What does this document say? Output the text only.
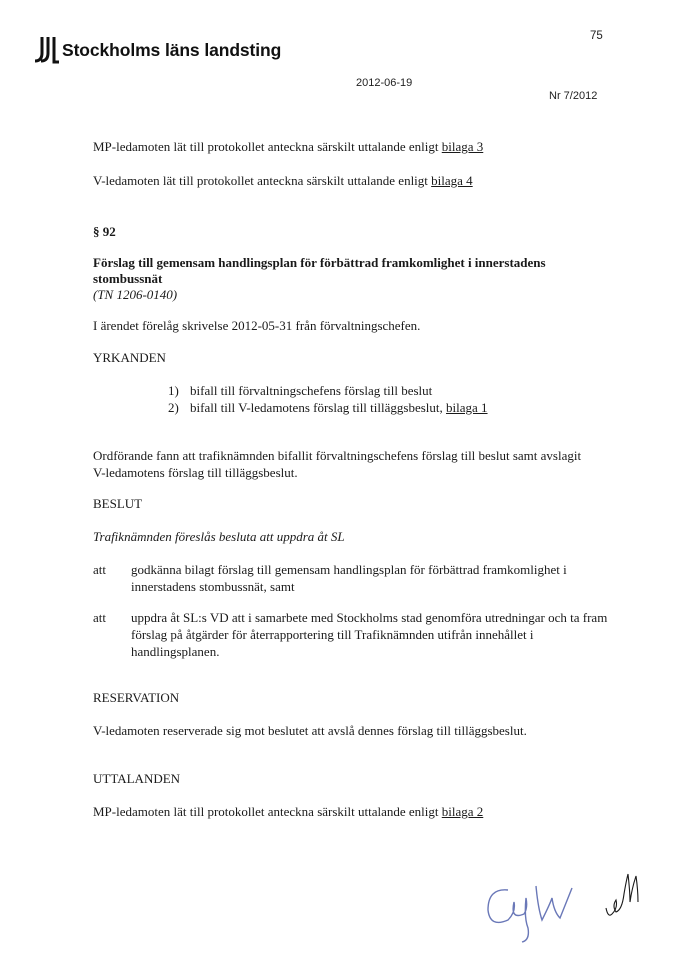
Stockholms läns landsting
75
2012-06-19
Nr 7/2012
MP-ledamoten lät till protokollet anteckna särskilt uttalande enligt bilaga 3
V-ledamoten lät till protokollet anteckna särskilt uttalande enligt bilaga 4
§ 92
Förslag till gemensam handlingsplan för förbättrad framkomlighet i innerstadens stombussnät
(TN 1206-0140)
I ärendet förelåg skrivelse 2012-05-31 från förvaltningschefen.
YRKANDEN
1) bifall till förvaltningschefens förslag till beslut
2) bifall till V-ledamotens förslag till tilläggsbeslut, bilaga 1
Ordförande fann att trafiknämnden bifallit förvaltningschefens förslag till beslut samt avslagit V-ledamotens förslag till tilläggsbeslut.
BESLUT
Trafiknämnden föreslås besluta att uppdra åt SL
att	godkänna bilagt förslag till gemensam handlingsplan för förbättrad framkomlighet i innerstadens stombussnät, samt
att	uppdra åt SL:s VD att i samarbete med Stockholms stad genomföra utredningar och ta fram förslag på åtgärder för återrapportering till Trafiknämnden utifrån innehållet i handlingsplanen.
RESERVATION
V-ledamoten reserverade sig mot beslutet att avslå dennes förslag till tilläggsbeslut.
UTTALANDEN
MP-ledamoten lät till protokollet anteckna särskilt uttalande enligt bilaga 2
